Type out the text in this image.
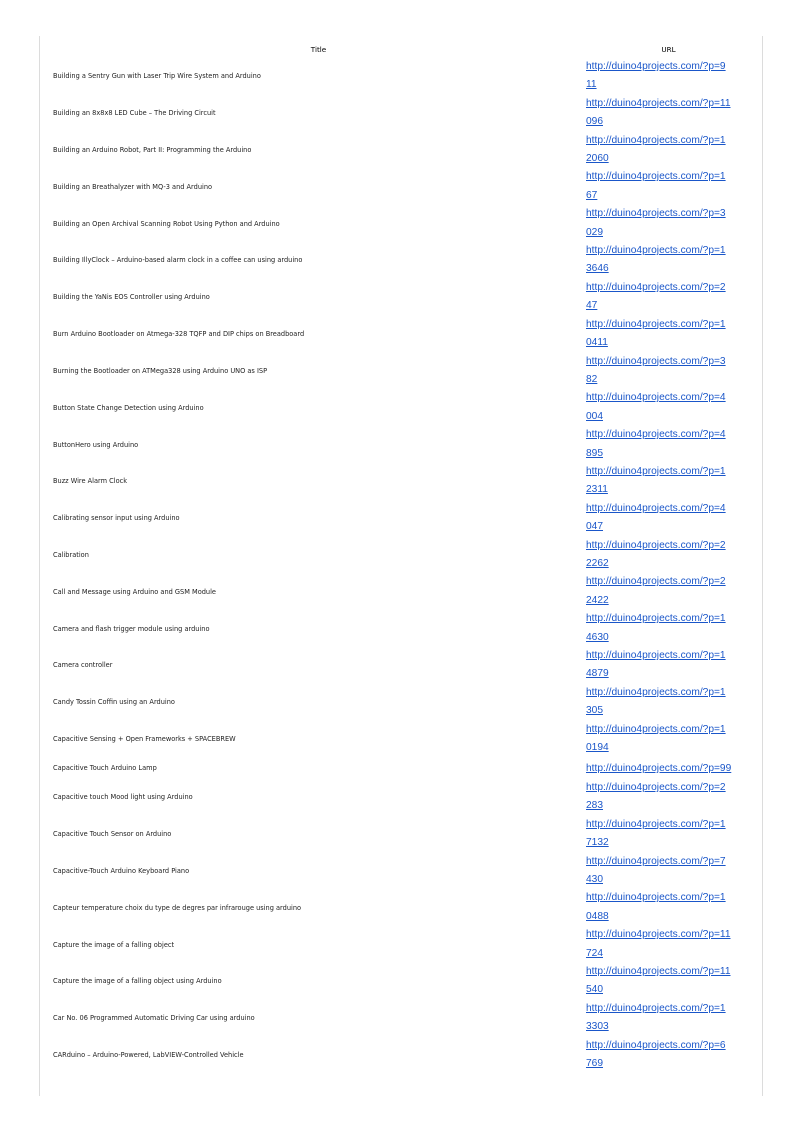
Title	URL
Building a Sentry Gun with Laser Trip Wire System and Arduino	http://duino4projects.com/?p=911

Building an 8x8x8 LED Cube – The Driving Circuit	http://duino4projects.com/?p=11096

Building an Arduino Robot, Part II: Programming the Arduino	http://duino4projects.com/?p=12060

Building an Breathalyzer with MQ-3 and Arduino	http://duino4projects.com/?p=167

Building an Open Archival Scanning Robot Using Python and Arduino	http://duino4projects.com/?p=3029

Building IllyClock – Arduino-based alarm clock in a coffee can using arduino	http://duino4projects.com/?p=13646

Building the YaNis EOS Controller using Arduino	http://duino4projects.com/?p=247

Burn Arduino Bootloader on Atmega-328 TQFP and DIP chips on Breadboard	http://duino4projects.com/?p=10411

Burning the Bootloader on ATMega328 using Arduino UNO as ISP	http://duino4projects.com/?p=382

Button State Change Detection using Arduino	http://duino4projects.com/?p=4004

ButtonHero using Arduino	http://duino4projects.com/?p=4895

Buzz Wire Alarm Clock	http://duino4projects.com/?p=12311

Calibrating sensor input using Arduino	http://duino4projects.com/?p=4047

Calibration	http://duino4projects.com/?p=22262

Call and Message using Arduino and GSM Module	http://duino4projects.com/?p=22422

Camera and flash trigger module using arduino	http://duino4projects.com/?p=14630

Camera controller	http://duino4projects.com/?p=14879

Candy Tossin Coffin using an Arduino	http://duino4projects.com/?p=1305

Capacitive Sensing + Open Frameworks + SPACEBREW	http://duino4projects.com/?p=10194

Capacitive Touch Arduino Lamp	http://duino4projects.com/?p=99
Capacitive touch Mood light using Arduino	http://duino4projects.com/?p=2283

Capacitive Touch Sensor on Arduino	http://duino4projects.com/?p=17132

Capacitive-Touch Arduino Keyboard Piano	http://duino4projects.com/?p=7430

Capteur temperature choix du type de degres par infrarouge using arduino	http://duino4projects.com/?p=10488

Capture the image of a falling object	http://duino4projects.com/?p=11724

Capture the image of a falling object using Arduino	http://duino4projects.com/?p=11540

Car No. 06 Programmed Automatic Driving Car using arduino	http://duino4projects.com/?p=13303

CARduino – Arduino-Powered, LabVIEW-Controlled Vehicle	http://duino4projects.com/?p=6769
